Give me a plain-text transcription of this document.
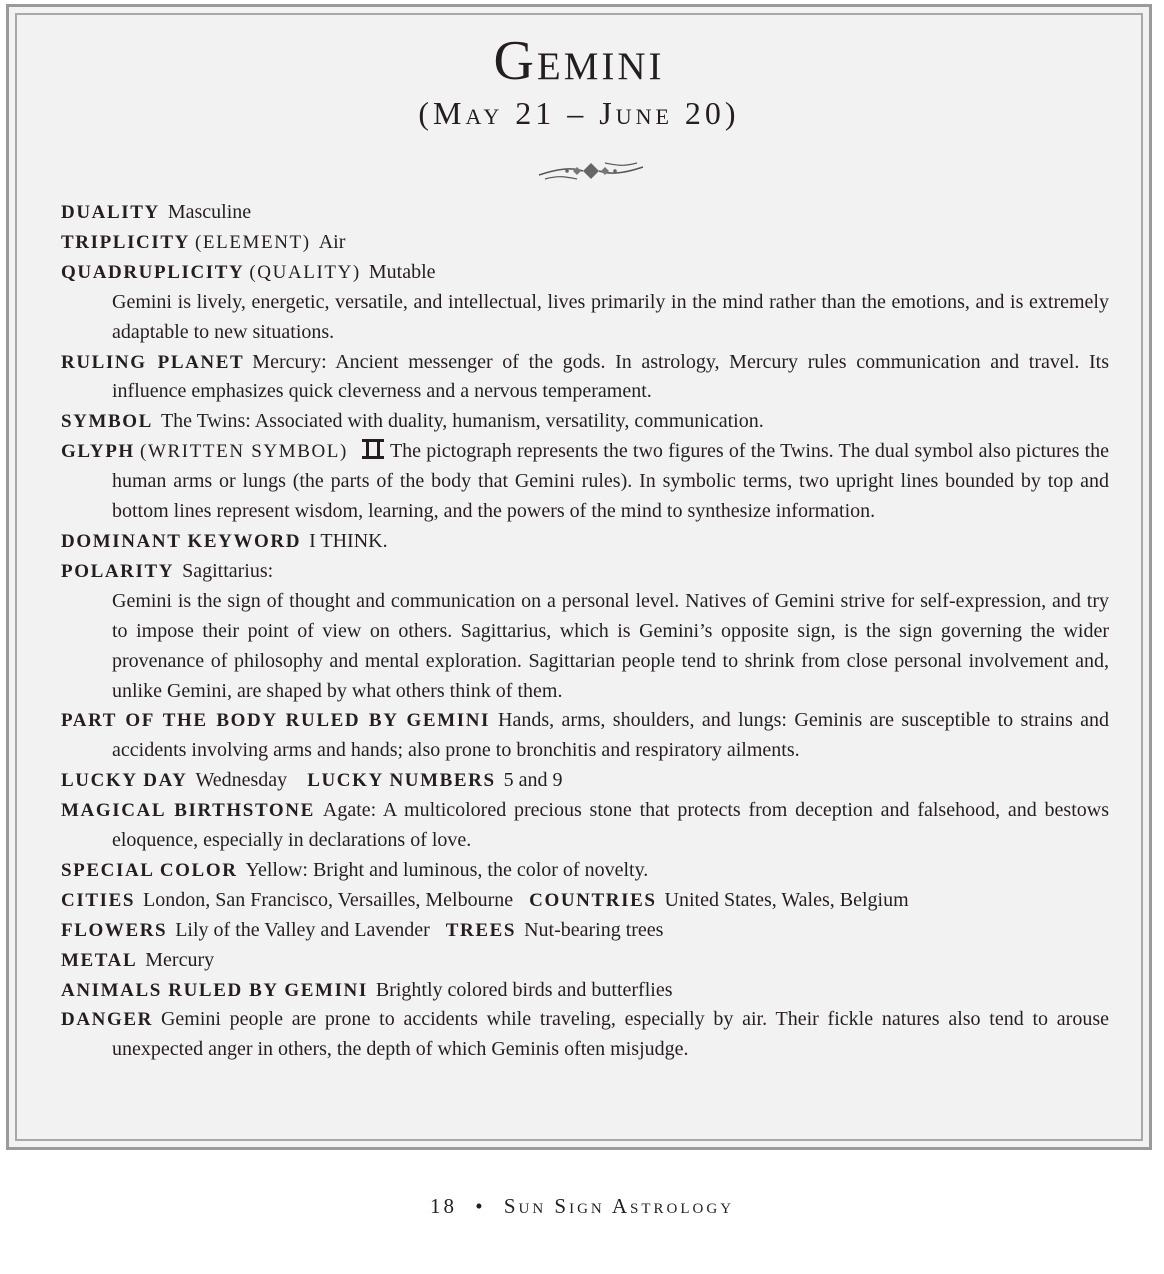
Gemini
(May 21 – June 20)

DUALITY Masculine

TRIPLICITY (ELEMENT) Air

QUADRUPLICITY (QUALITY) Mutable

Gemini is lively, energetic, versatile, and intellectual, lives primarily in the mind rather than the emotions, and is extremely adaptable to new situations.

RULING PLANET Mercury: Ancient messenger of the gods. In astrology, Mercury rules communication and travel. Its influence emphasizes quick cleverness and a nervous temperament.

SYMBOL The Twins: Associated with duality, humanism, versatility, communication.

GLYPH (WRITTEN SYMBOL) The pictograph represents the two figures of the Twins. The dual symbol also pictures the human arms or lungs (the parts of the body that Gemini rules). In symbolic terms, two upright lines bounded by top and bottom lines represent wisdom, learning, and the powers of the mind to synthesize information.

DOMINANT KEYWORD I THINK.

POLARITY Sagittarius:

Gemini is the sign of thought and communication on a personal level. Natives of Gemini strive for self-expression, and try to impose their point of view on others. Sagittarius, which is Gemini’s opposite sign, is the sign governing the wider provenance of philosophy and mental exploration. Sagittarian people tend to shrink from close personal involvement and, unlike Gemini, are shaped by what others think of them.

PART OF THE BODY RULED BY GEMINI Hands, arms, shoulders, and lungs: Geminis are susceptible to strains and accidents involving arms and hands; also prone to bronchitis and respiratory ailments.

LUCKY DAY Wednesday LUCKY NUMBERS 5 and 9

MAGICAL BIRTHSTONE Agate: A multicolored precious stone that protects from deception and falsehood, and bestows eloquence, especially in declarations of love.

SPECIAL COLOR Yellow: Bright and luminous, the color of novelty.

CITIES London, San Francisco, Versailles, Melbourne COUNTRIES United States, Wales, Belgium

FLOWERS Lily of the Valley and Lavender TREES Nut-bearing trees

METAL Mercury

ANIMALS RULED BY GEMINI Brightly colored birds and butterflies

DANGER Gemini people are prone to accidents while traveling, especially by air. Their fickle natures also tend to arouse unexpected anger in others, the depth of which Geminis often misjudge.

18 • Sun Sign Astrology
